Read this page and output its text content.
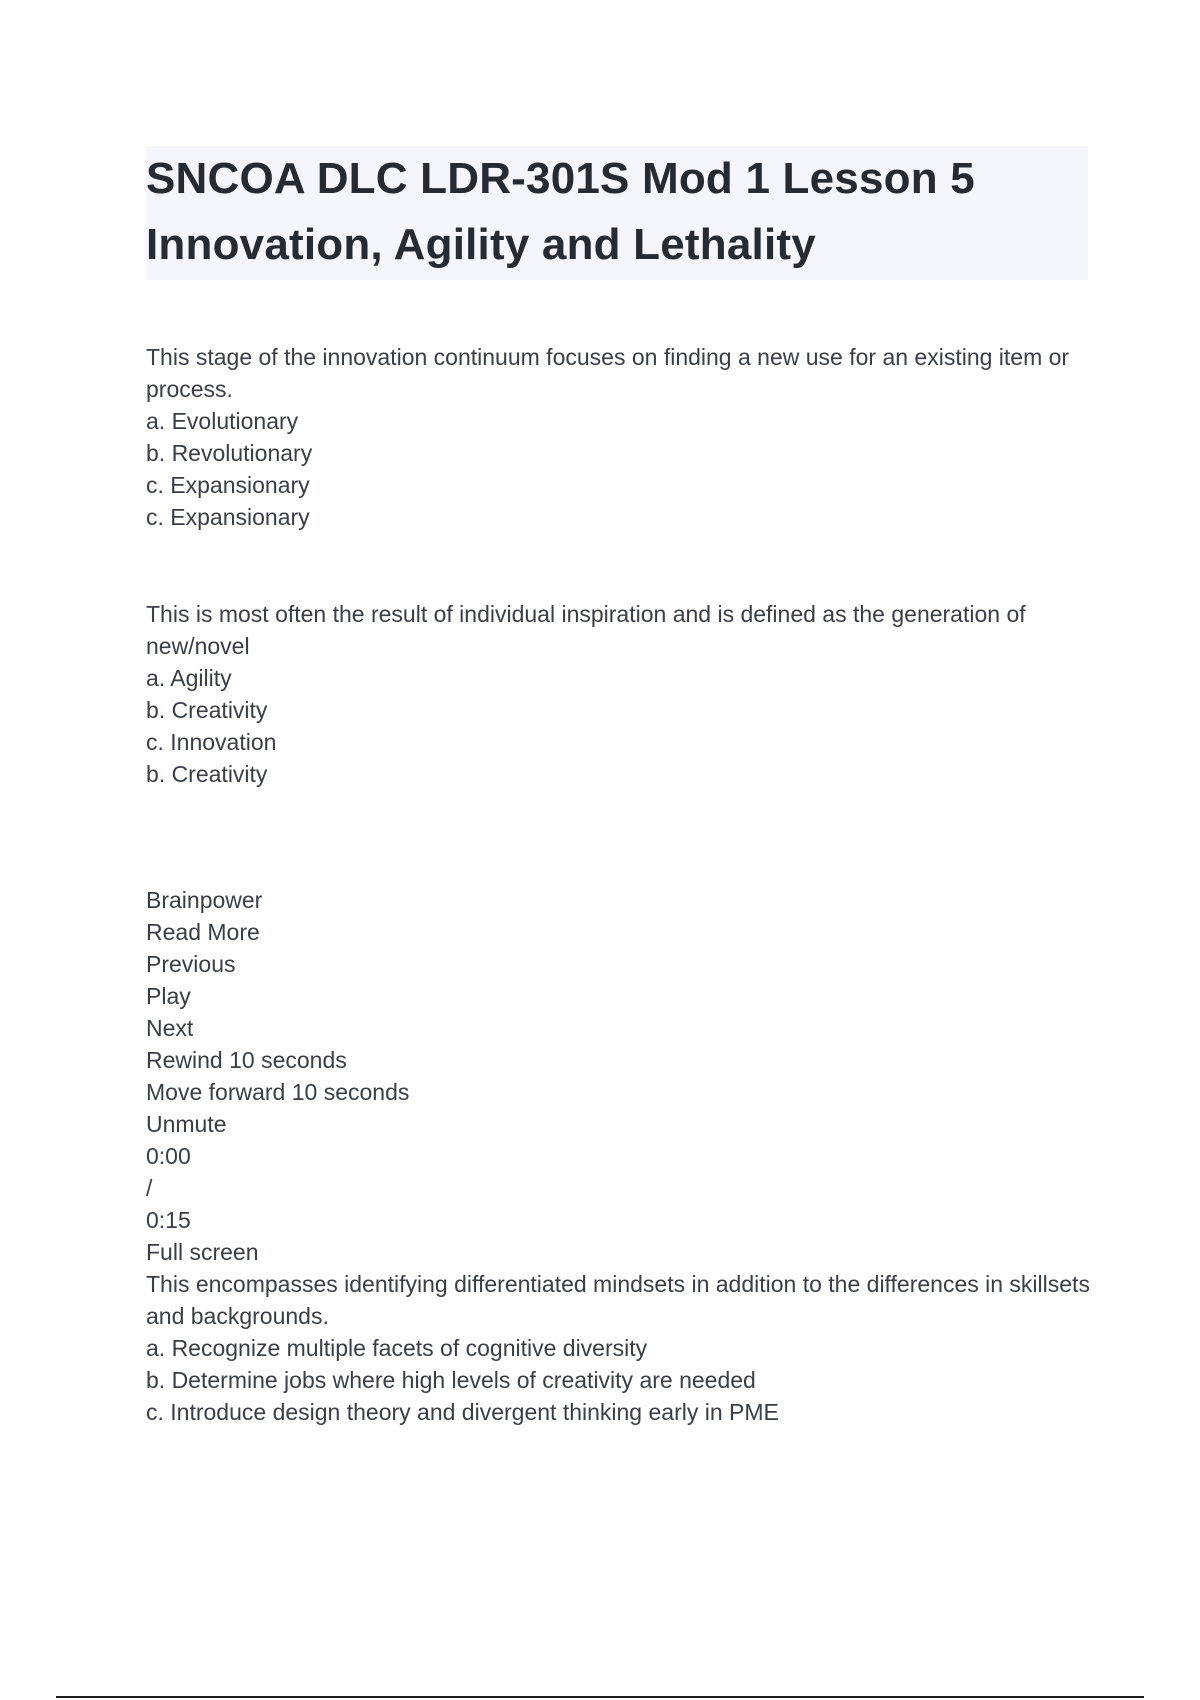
SNCOA DLC LDR-301S Mod 1 Lesson 5
Innovation, Agility and Lethality
This stage of the innovation continuum focuses on finding a new use for an existing item or process.
a. Evolutionary
b. Revolutionary
c. Expansionary
c. Expansionary
This is most often the result of individual inspiration and is defined as the generation of new/novel
a. Agility
b. Creativity
c. Innovation
b. Creativity
Brainpower
Read More
Previous
Play
Next
Rewind 10 seconds
Move forward 10 seconds
Unmute
0:00
/
0:15
Full screen
This encompasses identifying differentiated mindsets in addition to the differences in skillsets and backgrounds.
a. Recognize multiple facets of cognitive diversity
b. Determine jobs where high levels of creativity are needed
c. Introduce design theory and divergent thinking early in PME
